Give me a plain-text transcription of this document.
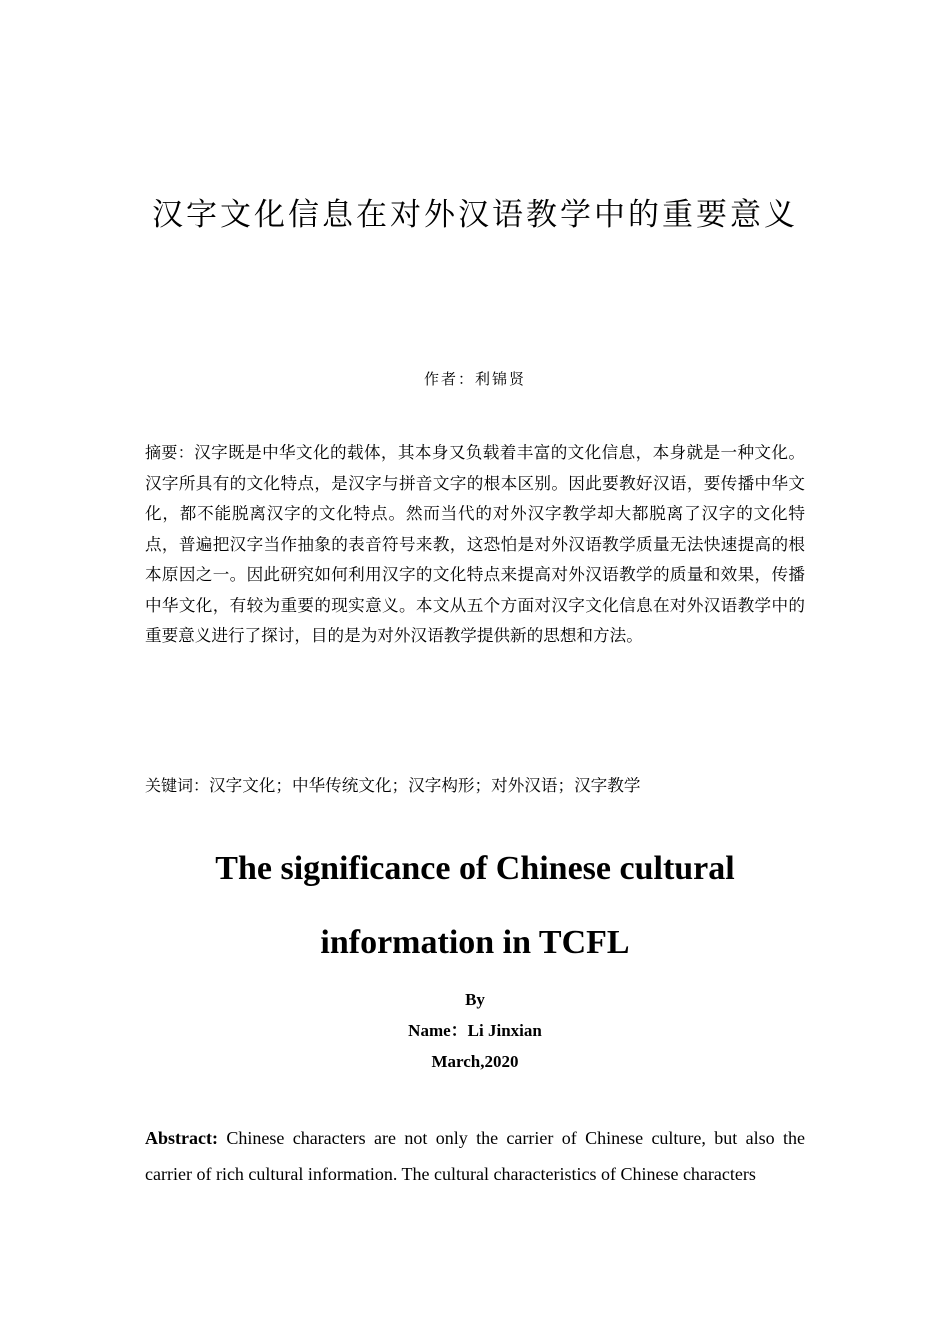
汉字文化信息在对外汉语教学中的重要意义
作者：利锦贤
摘要：汉字既是中华文化的载体，其本身又负载着丰富的文化信息，本身就是一种文化。汉字所具有的文化特点，是汉字与拼音文字的根本区别。因此要教好汉语，要传播中华文化，都不能脱离汉字的文化特点。然而当代的对外汉字教学却大都脱离了汉字的文化特点，普遍把汉字当作抽象的表音符号来教，这恐怕是对外汉语教学质量无法快速提高的根本原因之一。因此研究如何利用汉字的文化特点来提高对外汉语教学的质量和效果，传播中华文化，有较为重要的现实意义。本文从五个方面对汉字文化信息在对外汉语教学中的重要意义进行了探讨，目的是为对外汉语教学提供新的思想和方法。
关键词：汉字文化；中华传统文化；汉字构形；对外汉语；汉字教学
The significance of Chinese cultural information in TCFL
By
Name：Li Jinxian
March,2020
Abstract: Chinese characters are not only the carrier of Chinese culture, but also the carrier of rich cultural information. The cultural characteristics of Chinese characters
